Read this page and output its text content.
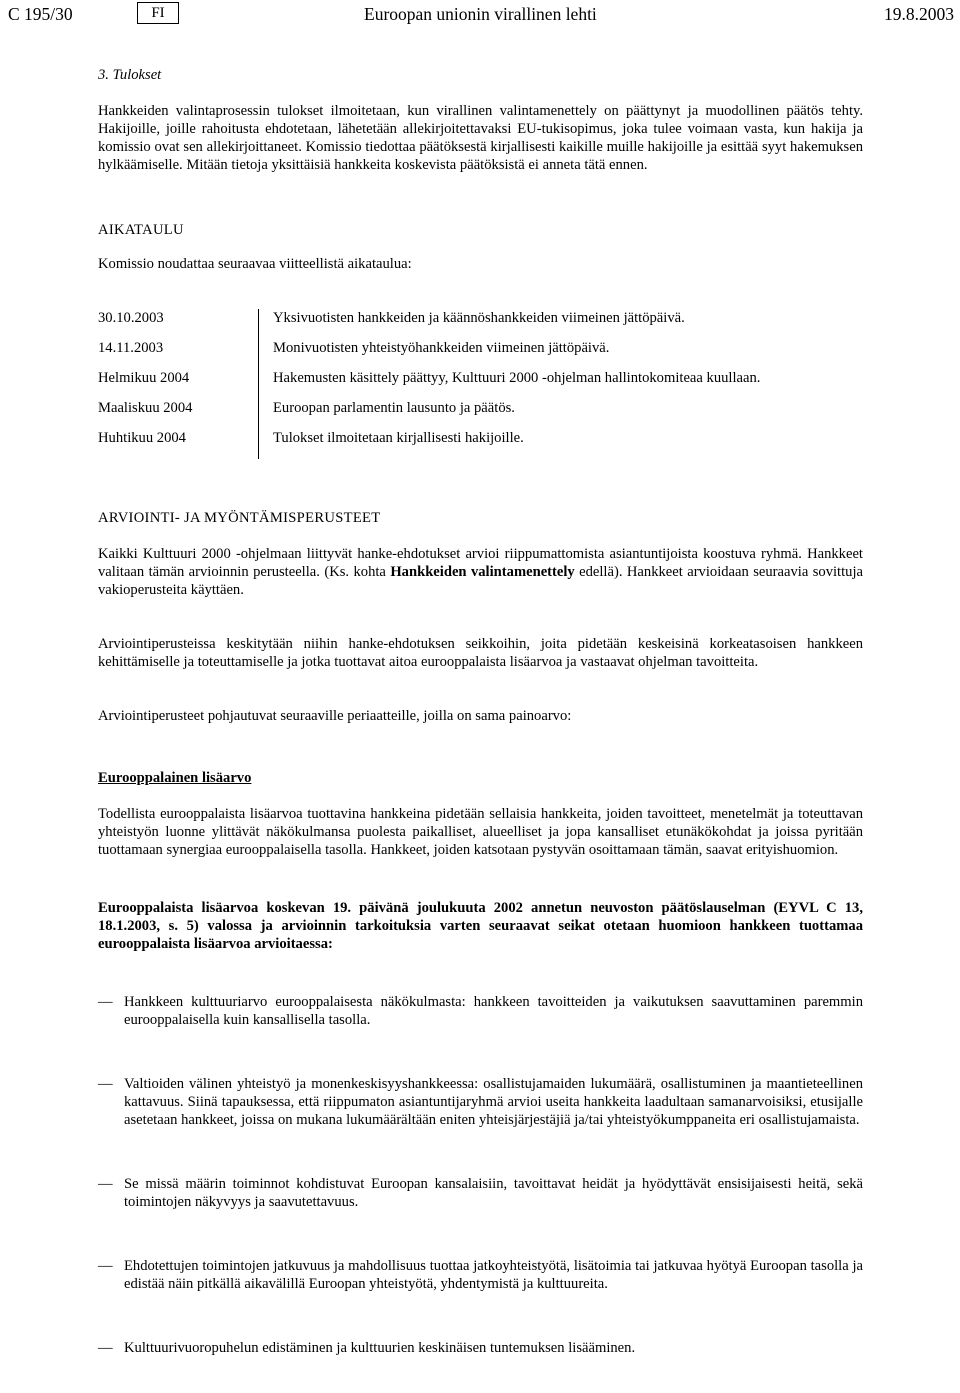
C 195/30	FI	Euroopan unionin virallinen lehti	19.8.2003

3. Tulokset

Hankkeiden valintaprosessin tulokset ilmoitetaan, kun virallinen valintamenettely on päättynyt ja muodollinen päätös tehty. Hakijoille, joille rahoitusta ehdotetaan, lähetetään allekirjoitettavaksi EU-tukisopimus, joka tulee voimaan vasta, kun hakija ja komissio ovat sen allekirjoittaneet. Komissio tiedottaa päätöksestä kirjallisesti kaikille muille hakijoille ja esittää syyt hakemuksen hylkäämiselle. Mitään tietoja yksittäisiä hankkeita koskevista päätöksistä ei anneta tätä ennen.

AIKATAULU

Komissio noudattaa seuraavaa viitteellistä aikataulua:

30.10.2003	Yksivuotisten hankkeiden ja käännöshankkeiden viimeinen jättöpäivä.
14.11.2003	Monivuotisten yhteistyöhankkeiden viimeinen jättöpäivä.
Helmikuu 2004	Hakemusten käsittely päättyy, Kulttuuri 2000 -ohjelman hallintokomiteaa kuullaan.
Maaliskuu 2004	Euroopan parlamentin lausunto ja päätös.
Huhtikuu 2004	Tulokset ilmoitetaan kirjallisesti hakijoille.

ARVIOINTI- JA MYÖNTÄMISPERUSTEET

Kaikki Kulttuuri 2000 -ohjelmaan liittyvät hanke-ehdotukset arvioi riippumattomista asiantuntijoista koostuva ryhmä. Hankkeet valitaan tämän arvioinnin perusteella. (Ks. kohta Hankkeiden valintamenettely edellä). Hankkeet arvioidaan seuraavia sovittuja vakioperusteita käyttäen.

Arviointiperusteissa keskitytään niihin hanke-ehdotuksen seikkoihin, joita pidetään keskeisinä korkeatasoisen hankkeen kehittämiselle ja toteuttamiselle ja jotka tuottavat aitoa eurooppalaista lisäarvoa ja vastaavat ohjelman tavoitteita.

Arviointiperusteet pohjautuvat seuraaville periaatteille, joilla on sama painoarvo:

Eurooppalainen lisäarvo

Todellista eurooppalaista lisäarvoa tuottavina hankkeina pidetään sellaisia hankkeita, joiden tavoitteet, menetelmät ja toteuttavan yhteistyön luonne ylittävät näkökulmansa puolesta paikalliset, alueelliset ja jopa kansalliset etunäkökohdat ja joissa pyritään tuottamaan synergiaa eurooppalaisella tasolla. Hankkeet, joiden katsotaan pystyvän osoittamaan tämän, saavat erityishuomion.

Eurooppalaista lisäarvoa koskevan 19. päivänä joulukuuta 2002 annetun neuvoston päätöslauselman (EYVL C 13, 18.1.2003, s. 5) valossa ja arvioinnin tarkoituksia varten seuraavat seikat otetaan huomioon hankkeen tuottamaa eurooppalaista lisäarvoa arvioitaessa:

— Hankkeen kulttuuriarvo eurooppalaisesta näkökulmasta: hankkeen tavoitteiden ja vaikutuksen saavuttaminen paremmin eurooppalaisella kuin kansallisella tasolla.
— Valtioiden välinen yhteistyö ja monenkeskisyyshankkeessa: osallistujamaiden lukumäärä, osallistuminen ja maantieteellinen kattavuus. Siinä tapauksessa, että riippumaton asiantuntijaryhmä arvioi useita hankkeita laadultaan samanarvoisiksi, etusijalle asetetaan hankkeet, joissa on mukana lukumäärältään eniten yhteisjärjestäjiä ja/tai yhteistyökumppaneita eri osallistujamaista.
— Se missä määrin toiminnot kohdistuvat Euroopan kansalaisiin, tavoittavat heidät ja hyödyttävät ensisijaisesti heitä, sekä toimintojen näkyvyys ja saavutettavuus.
— Ehdotettujen toimintojen jatkuvuus ja mahdollisuus tuottaa jatkoyhteistyötä, lisätoimia tai jatkuvaa hyötyä Euroopan tasolla ja edistää näin pitkällä aikavälillä Euroopan yhteistyötä, yhdentymistä ja kulttuureita.
— Kulttuurivuoropuhelun edistäminen ja kulttuurien keskinäisen tuntemuksen lisääminen.
